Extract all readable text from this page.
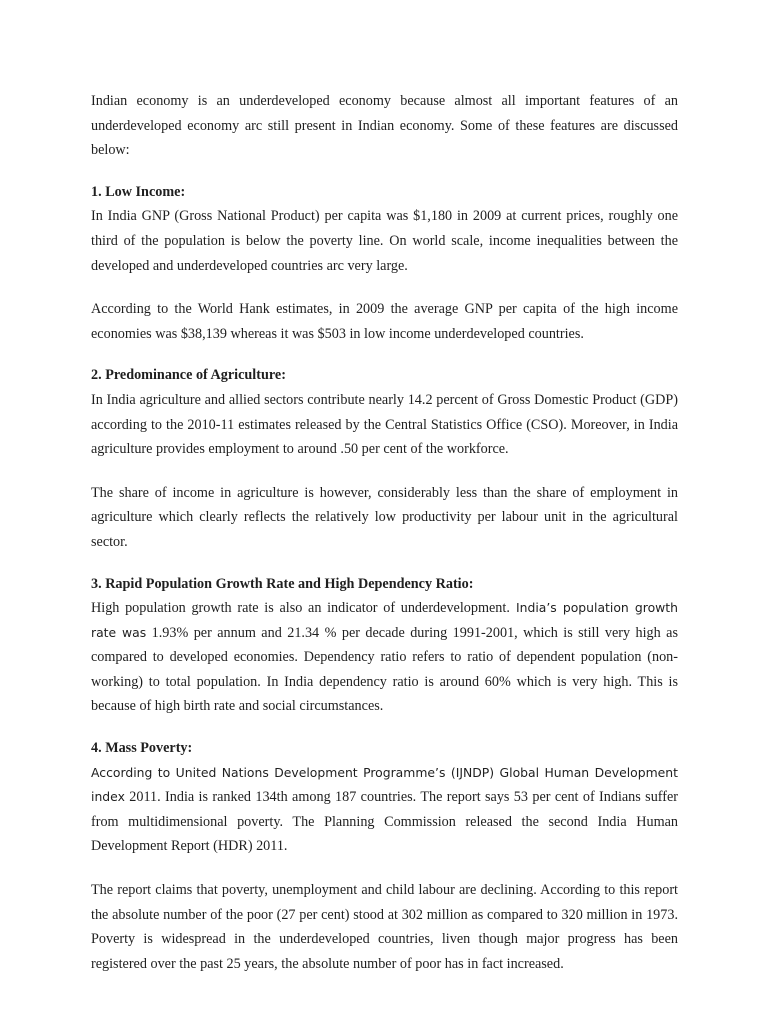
Indian economy is an underdeveloped economy because almost all important features of an underdeveloped economy arc still present in Indian economy. Some of these features are discussed below:

1. Low Income:

In India GNP (Gross National Product) per capita was $1,180 in 2009 at current prices, roughly one third of the population is below the poverty line. On world scale, income inequalities between the developed and underdeveloped countries arc very large.

According to the World Hank estimates, in 2009 the average GNP per capita of the high income economies was $38,139 whereas it was $503 in low income underdeveloped countries.

2. Predominance of Agriculture:

In India agriculture and allied sectors contribute nearly 14.2 percent of Gross Domestic Product (GDP) according to the 2010-11 estimates released by the Central Statistics Office (CSO). Moreover, in India agriculture provides employment to around .50 per cent of the workforce.

The share of income in agriculture is however, considerably less than the share of employment in agriculture which clearly reflects the relatively low productivity per labour unit in the agricultural sector.

3. Rapid Population Growth Rate and High Dependency Ratio:

High population growth rate is also an indicator of underdevelopment. India’s population growth rate was 1.93% per annum and 21.34 % per decade during 1991-2001, which is still very high as compared to developed economies. Dependency ratio refers to ratio of dependent population (non-working) to total population. In India dependency ratio is around 60% which is very high. This is because of high birth rate and social circumstances.

4. Mass Poverty:

According to United Nations Development Programme’s (IJNDP) Global Human Development index 2011. India is ranked 134th among 187 countries. The report says 53 per cent of Indians suffer from multidimensional poverty. The Planning Commission released the second India Human Development Report (HDR) 2011.

The report claims that poverty, unemployment and child labour are declining. According to this report the absolute number of the poor (27 per cent) stood at 302 million as compared to 320 million in 1973. Poverty is widespread in the underdeveloped countries, liven though major progress has been registered over the past 25 years, the absolute number of poor has in fact increased.
